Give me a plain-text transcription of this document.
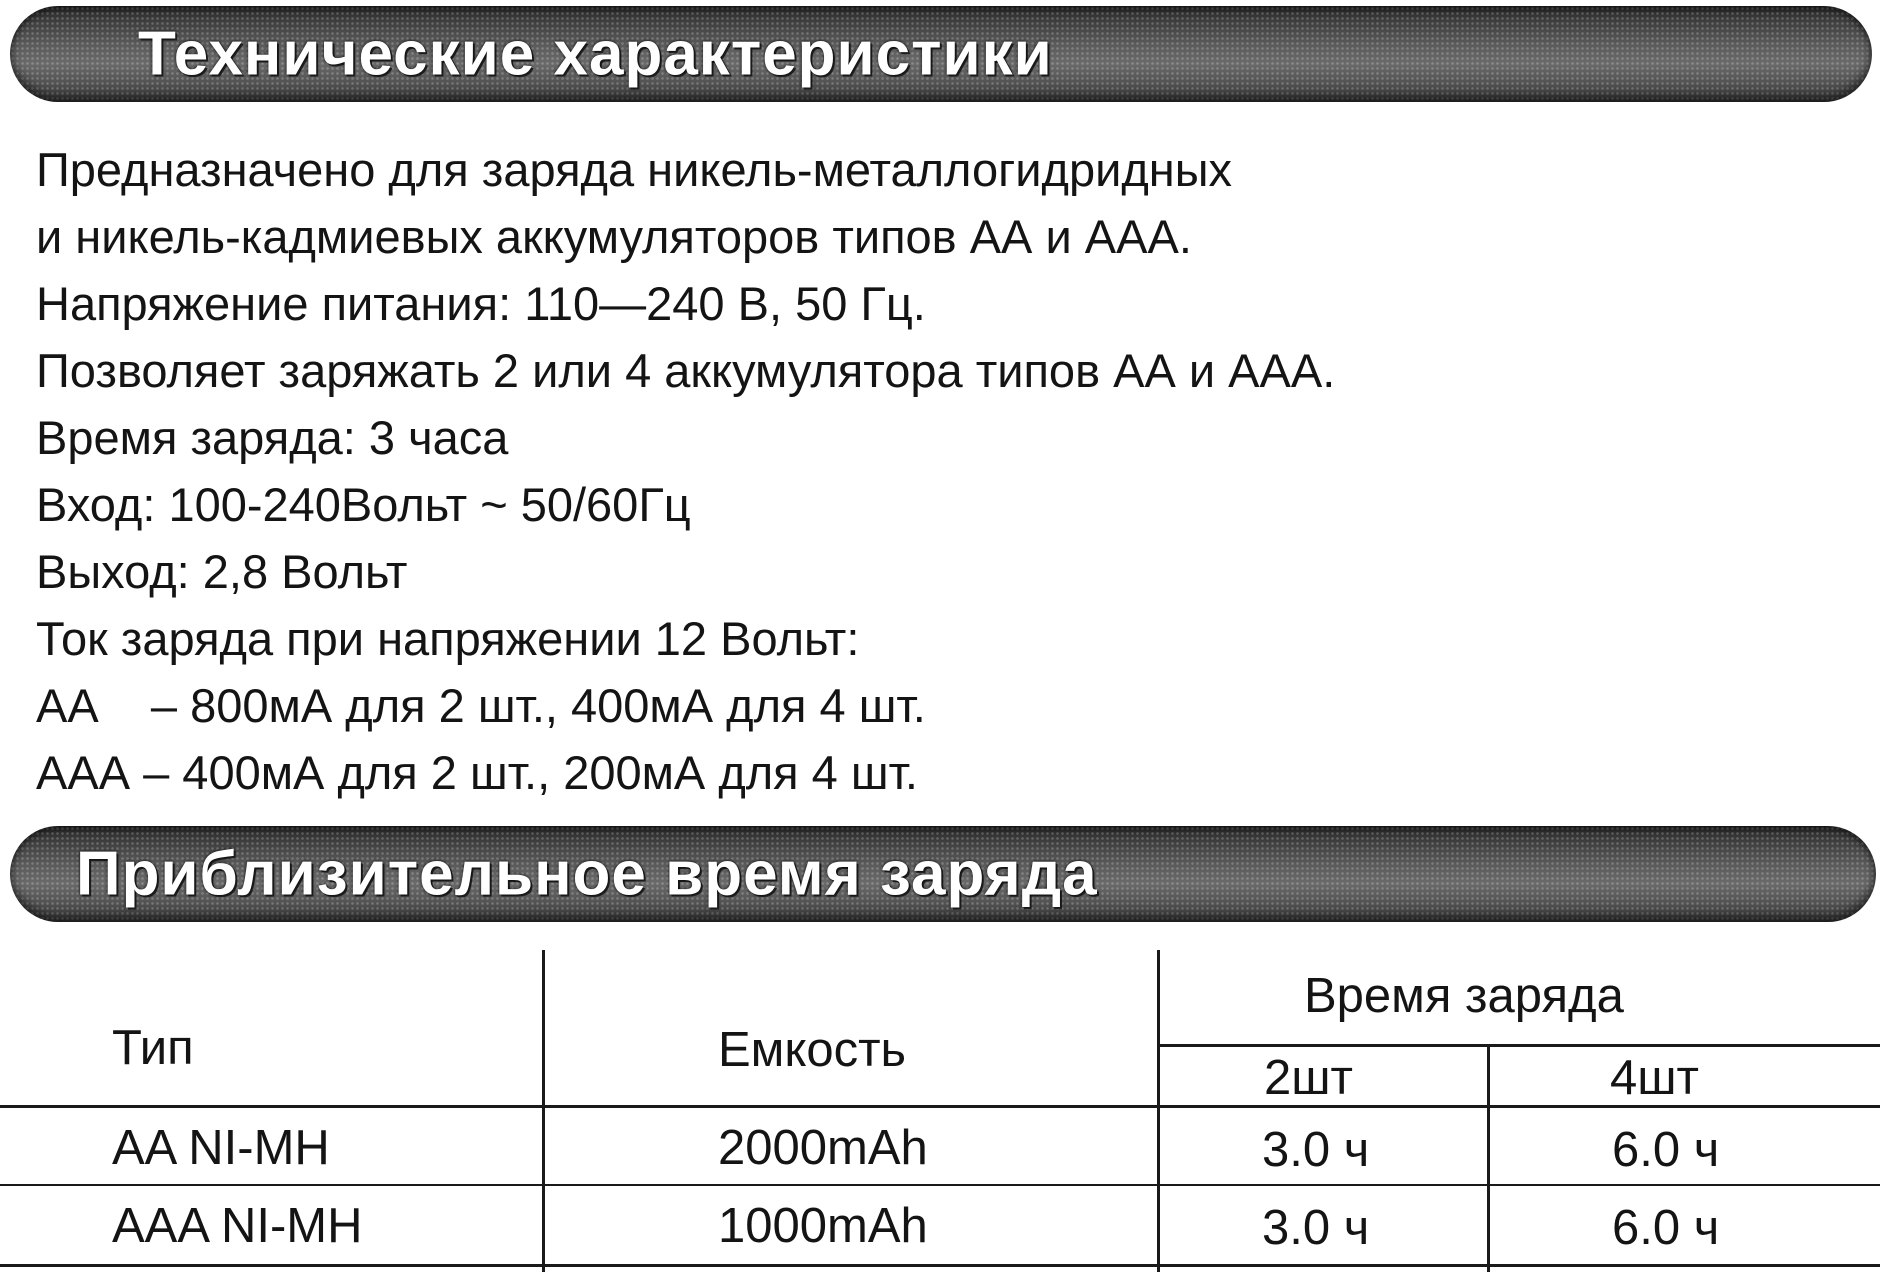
Технические характеристики
Предназначено для заряда никель-металлогидридных
и никель-кадмиевых аккумуляторов типов АА и ААА.
Напряжение питания: 110—240 В, 50 Гц.
Позволяет заряжать 2 или 4 аккумулятора типов АА и ААА.
Время заряда: 3 часа
Вход: 100-240Вольт ~ 50/60Гц
Выход: 2,8 Вольт
Ток заряда при напряжении 12 Вольт:
АА    – 800мА для 2 шт., 400мА для 4 шт.
ААА – 400мА для 2 шт., 200мА для 4 шт.
Приблизительное время заряда
Тип	Емкость
Время заряда
2шт	4шт
AA NI-MH	2000mAh	3.0 ч	6.0 ч
AAA NI-MH	1000mAh	3.0 ч	6.0 ч
